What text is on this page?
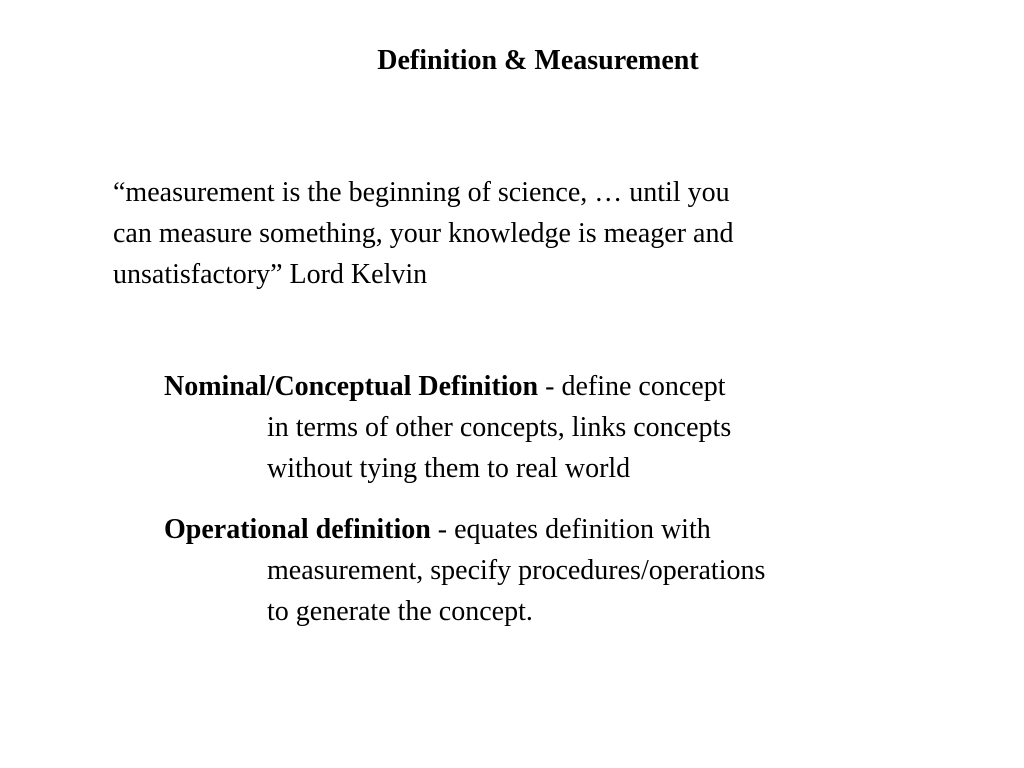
Definition & Measurement
“measurement is the beginning of science, … until you
can measure something, your knowledge is meager and
unsatisfactory” Lord Kelvin
Nominal/Conceptual Definition - define concept
in terms of other concepts, links concepts
without tying them to real world
Operational definition - equates definition with
measurement, specify procedures/operations
to generate the concept.
